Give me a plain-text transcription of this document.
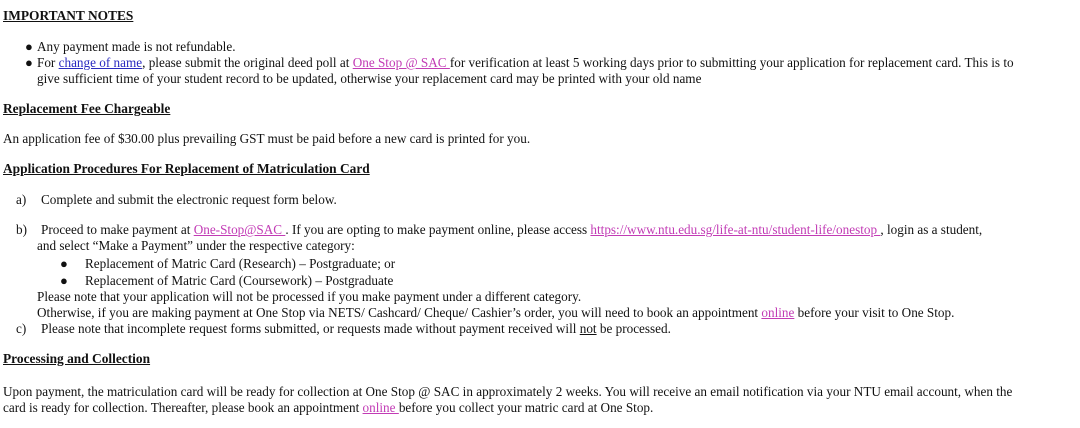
IMPORTANT NOTES
● Any payment made is not refundable.
● For change of name, please submit the original deed poll at One Stop @ SAC for verification at least 5 working days prior to submitting your application for replacement card. This is to
give sufficient time of your student record to be updated, otherwise your replacement card may be printed with your old name
Replacement Fee Chargeable
An application fee of $30.00 plus prevailing GST must be paid before a new card is printed for you.
Application Procedures For Replacement of Matriculation Card
a) Complete and submit the electronic request form below.
b) Proceed to make payment at One-Stop@SAC . If you are opting to make payment online, please access https://www.ntu.edu.sg/life-at-ntu/student-life/onestop , login as a student,
and select “Make a Payment” under the respective category:
● Replacement of Matric Card (Research) – Postgraduate; or
● Replacement of Matric Card (Coursework) – Postgraduate
Please note that your application will not be processed if you make payment under a different category.
Otherwise, if you are making payment at One Stop via NETS/ Cashcard/ Cheque/ Cashier’s order, you will need to book an appointment online before your visit to One Stop.
c) Please note that incomplete request forms submitted, or requests made without payment received will not be processed.
Processing and Collection
Upon payment, the matriculation card will be ready for collection at One Stop @ SAC in approximately 2 weeks. You will receive an email notification via your NTU email account, when the
card is ready for collection. Thereafter, please book an appointment online before you collect your matric card at One Stop.
